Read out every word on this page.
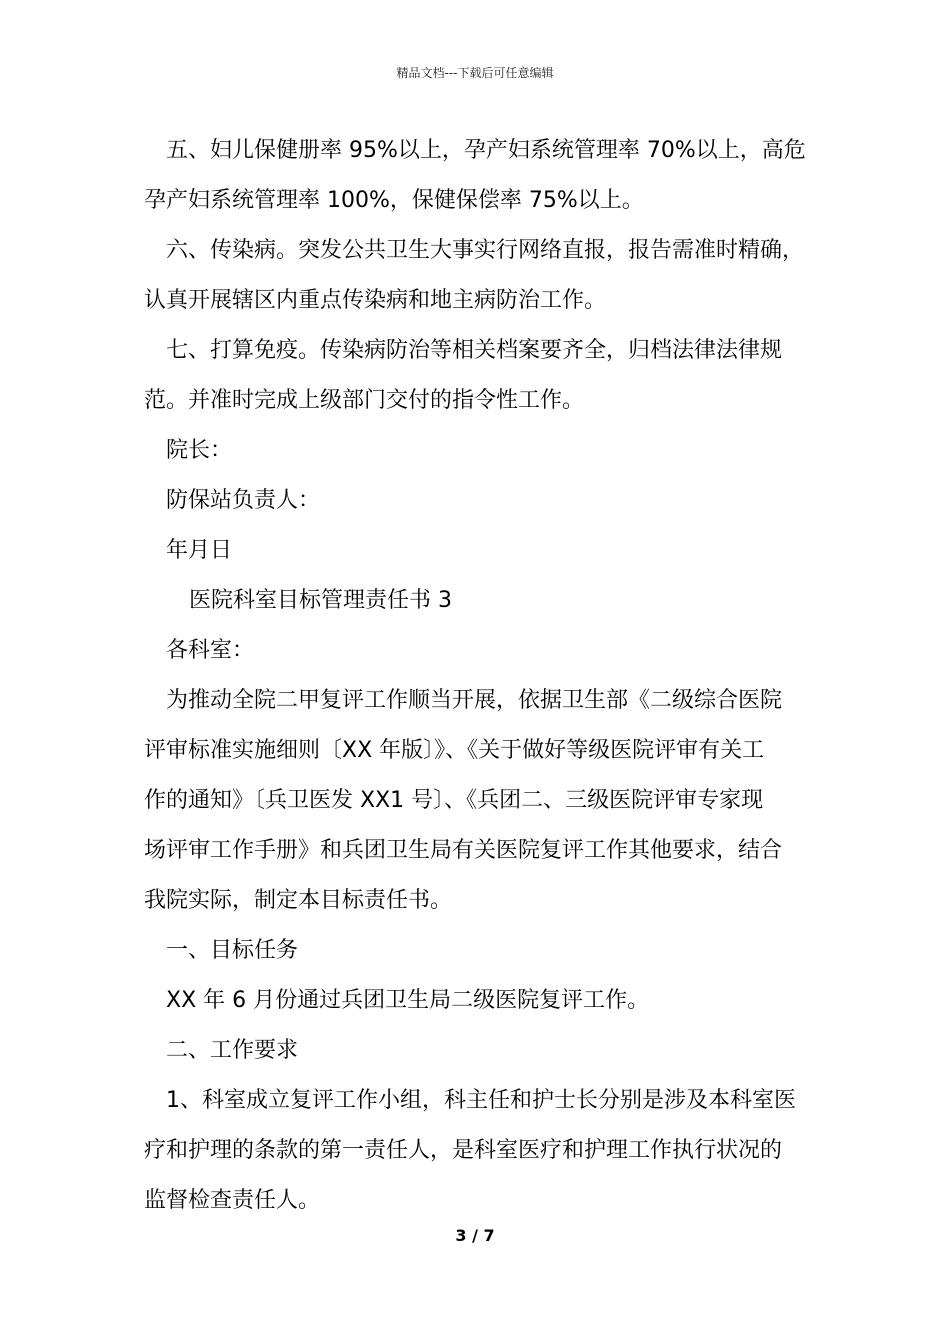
精品文档---下载后可任意编辑

五、妇儿保健册率 95%以上，孕产妇系统管理率 70%以上，高危

孕产妇系统管理率 100%，保健保偿率 75%以上。

六、传染病。突发公共卫生大事实行网络直报，报告需准时精确，

认真开展辖区内重点传染病和地主病防治工作。

七、打算免疫。传染病防治等相关档案要齐全，归档法律法律规

范。并准时完成上级部门交付的指令性工作。

院长：

防保站负责人：

年月日

医院科室目标管理责任书 3

各科室：

为推动全院二甲复评工作顺当开展，依据卫生部《二级综合医院

评审标准实施细则〔XX 年版〕》、《关于做好等级医院评审有关工

作的通知》〔兵卫医发 XX1 号〕、《兵团二、三级医院评审专家现

场评审工作手册》和兵团卫生局有关医院复评工作其他要求，结合

我院实际，制定本目标责任书。

一、目标任务

XX 年 6 月份通过兵团卫生局二级医院复评工作。

二、工作要求

1、科室成立复评工作小组，科主任和护士长分别是涉及本科室医

疗和护理的条款的第一责任人，是科室医疗和护理工作执行状况的

监督检查责任人。

3 / 7
